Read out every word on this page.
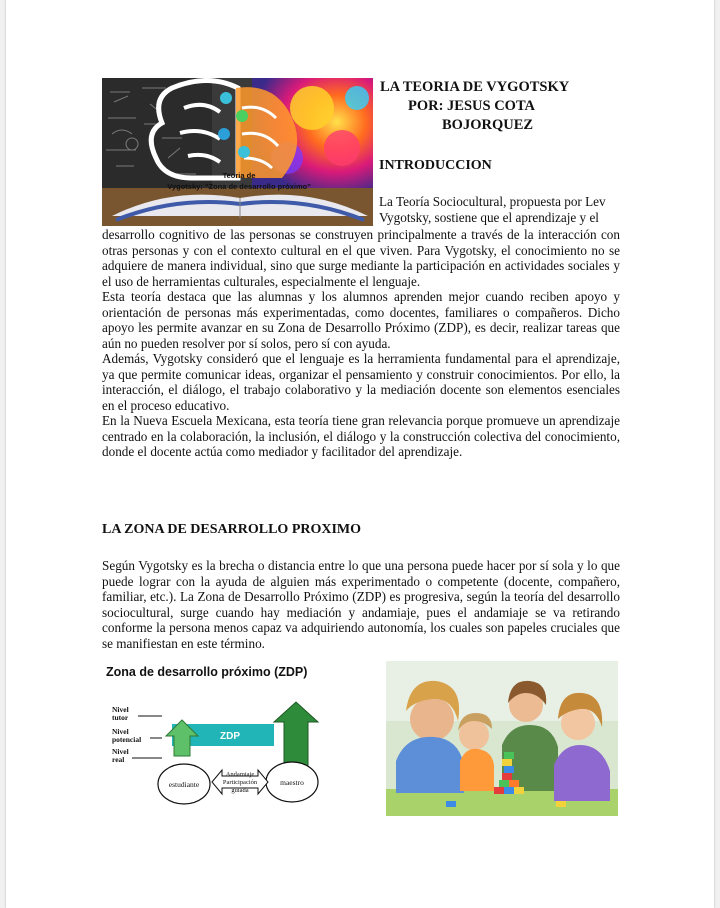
Teoria de
Vygotsky: "Zona de desarrollo próximo"
LA TEORIA DE VYGOTSKY
POR: JESUS COTA
BOJORQUEZ
INTRODUCCION
La Teoría Sociocultural, propuesta por Lev
Vygotsky, sostiene que el aprendizaje y el

desarrollo cognitivo de las personas se construyen principalmente a través de la interacción con otras personas y con el contexto cultural en el que viven. Para Vygotsky, el conocimiento no se adquiere de manera individual, sino que surge mediante la participación en actividades sociales y el uso de herramientas culturales, especialmente el lenguaje.

Esta teoría destaca que las alumnas y los alumnos aprenden mejor cuando reciben apoyo y orientación de personas más experimentadas, como docentes, familiares o compañeros. Dicho apoyo les permite avanzar en su Zona de Desarrollo Próximo (ZDP), es decir, realizar tareas que aún no pueden resolver por sí solos, pero sí con ayuda.

Además, Vygotsky consideró que el lenguaje es la herramienta fundamental para el aprendizaje, ya que permite comunicar ideas, organizar el pensamiento y construir conocimientos. Por ello, la interacción, el diálogo, el trabajo colaborativo y la mediación docente son elementos esenciales en el proceso educativo.

En la Nueva Escuela Mexicana, esta teoría tiene gran relevancia porque promueve un aprendizaje centrado en la colaboración, la inclusión, el diálogo y la construcción colectiva del conocimiento, donde el docente actúa como mediador y facilitador del aprendizaje.

LA ZONA DE DESARROLLO PROXIMO
Según Vygotsky es la brecha o distancia entre lo que una persona puede hacer por sí sola y lo que puede lograr con la ayuda de alguien más experimentado o competente (docente, compañero, familiar, etc.). La Zona de Desarrollo Próximo (ZDP) es progresiva, según la teoría del desarrollo sociocultural, surge cuando hay mediación y andamiaje, pues el andamiaje se va retirando conforme la persona menos capaz va adquiriendo autonomía, los cuales son papeles cruciales que se manifiestan en este término.
Zona de desarrollo próximo (ZDP)
Nivel
tutor
Nivel
potencial
Nivel
real
ZDP
estudiante	maestro
Andamiaje
Participación
guiada
